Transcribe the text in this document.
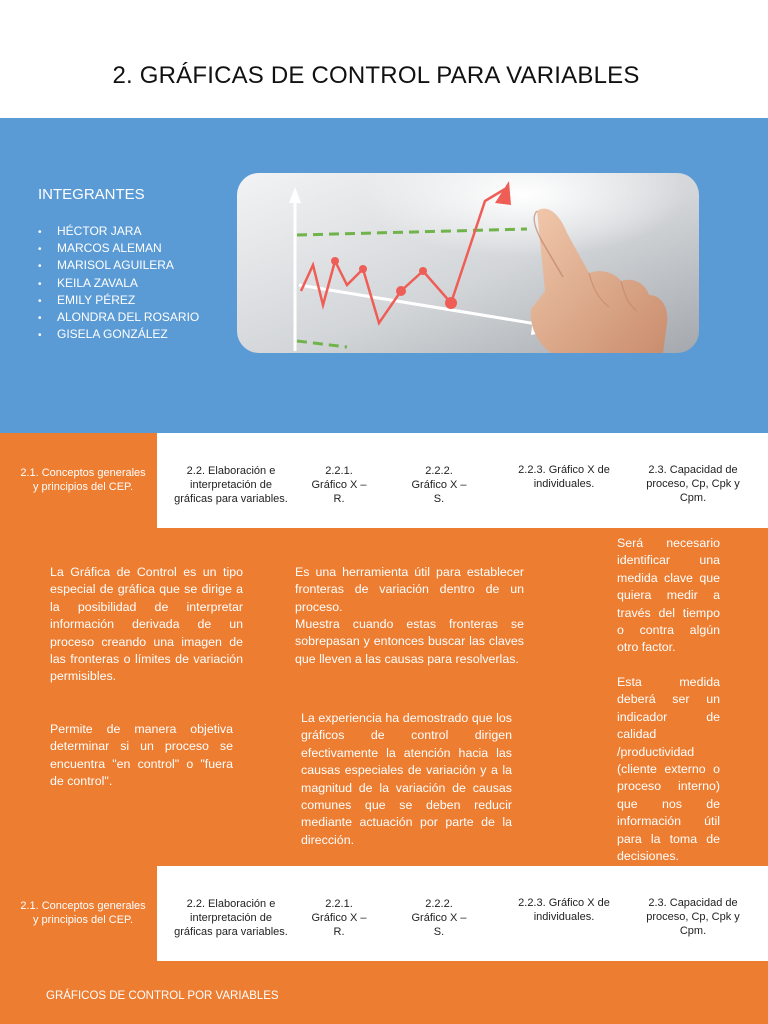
2. GRÁFICAS DE CONTROL PARA VARIABLES
INTEGRANTES
• HÉCTOR JARA
• MARCOS ALEMAN
• MARISOL AGUILERA
• KEILA ZAVALA
• EMILY PÉREZ
• ALONDRA DEL ROSARIO
• GISELA GONZÁLEZ
2.1. Conceptos generales y principios del CEP.
2.2. Elaboración e interpretación de gráficas para variables.
2.2.1. Gráfico X – R.
2.2.2. Gráfico X – S.
2.2.3. Gráfico X de individuales.
2.3. Capacidad de proceso, Cp, Cpk y Cpm.
La Gráfica de Control es un tipo especial de gráfica que se dirige a la posibilidad de interpretar información derivada de un proceso creando una imagen de las fronteras o límites de variación permisibles.
Permite de manera objetiva determinar si un proceso se encuentra "en control" o "fuera de control".
Es una herramienta útil para establecer fronteras de variación dentro de un proceso.
Muestra cuando estas fronteras se sobrepasan y entonces buscar las claves que lleven a las causas para resolverlas.
La experiencia ha demostrado que los gráficos de control dirigen efectivamente la atención hacia las causas especiales de variación y a la magnitud de la variación de causas comunes que se deben reducir mediante actuación por parte de la dirección.
Será necesario identificar una medida clave que quiera medir a través del tiempo o contra algún otro factor.
Esta medida deberá ser un indicador de calidad /productividad (cliente externo o proceso interno) que nos de información útil para la toma de decisiones.
2.1. Conceptos generales y principios del CEP.
2.2. Elaboración e interpretación de gráficas para variables.
2.2.1. Gráfico X – R.
2.2.2. Gráfico X – S.
2.2.3. Gráfico X de individuales.
2.3. Capacidad de proceso, Cp, Cpk y Cpm.
GRÁFICOS DE CONTROL POR VARIABLES
